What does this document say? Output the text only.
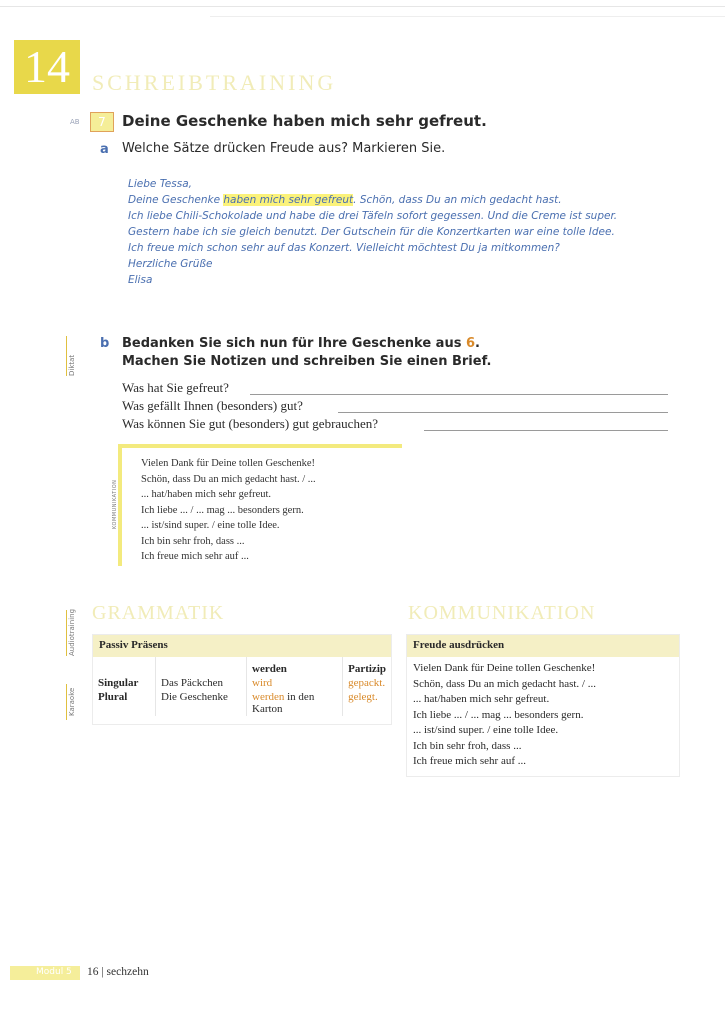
14	SCHREIBTRAINING
AB	7	Deine Geschenke haben mich sehr gefreut.
a Welche Sätze drücken Freude aus? Markieren Sie.
Liebe Tessa,
Deine Geschenke haben mich sehr gefreut. Schön, dass Du an mich gedacht hast.
Ich liebe Chili-Schokolade und habe die drei Täfeln sofort gegessen. Und die Creme ist super.
Gestern habe ich sie gleich benutzt. Der Gutschein für die Konzertkarten war eine tolle Idee.
Ich freue mich schon sehr auf das Konzert. Vielleicht möchtest Du ja mitkommen?
Herzliche Grüße
Elisa
Diktat
b Bedanken Sie sich nun für Ihre Geschenke aus 6.
Machen Sie Notizen und schreiben Sie einen Brief.
Was hat Sie gefreut?
Was gefällt Ihnen (besonders) gut?
Was können Sie gut (besonders) gut gebrauchen?
KOMMUNIKATION
Vielen Dank für Deine tollen Geschenke!
Schön, dass Du an mich gedacht hast. / ...
... hat/haben mich sehr gefreut.
Ich liebe ... / ... mag ... besonders gern.
... ist/sind super. / eine tolle Idee.
Ich bin sehr froh, dass ...
Ich freue mich sehr auf ...
Audiotraining
Karaoke
GRAMMATIK
Passiv Präsens
		werden	Partizip
Singular	Das Päckchen	wird	gepackt.
Plural	Die Geschenke	werden in den Karton	gelegt.

KOMMUNIKATION
Freude ausdrücken
Vielen Dank für Deine tollen Geschenke!
Schön, dass Du an mich gedacht hast. / ...
... hat/haben mich sehr gefreut.
Ich liebe ... / ... mag ... besonders gern.
... ist/sind super. / eine tolle Idee.
Ich bin sehr froh, dass ...
Ich freue mich sehr auf ...
Modul 5 16 | sechzehn
